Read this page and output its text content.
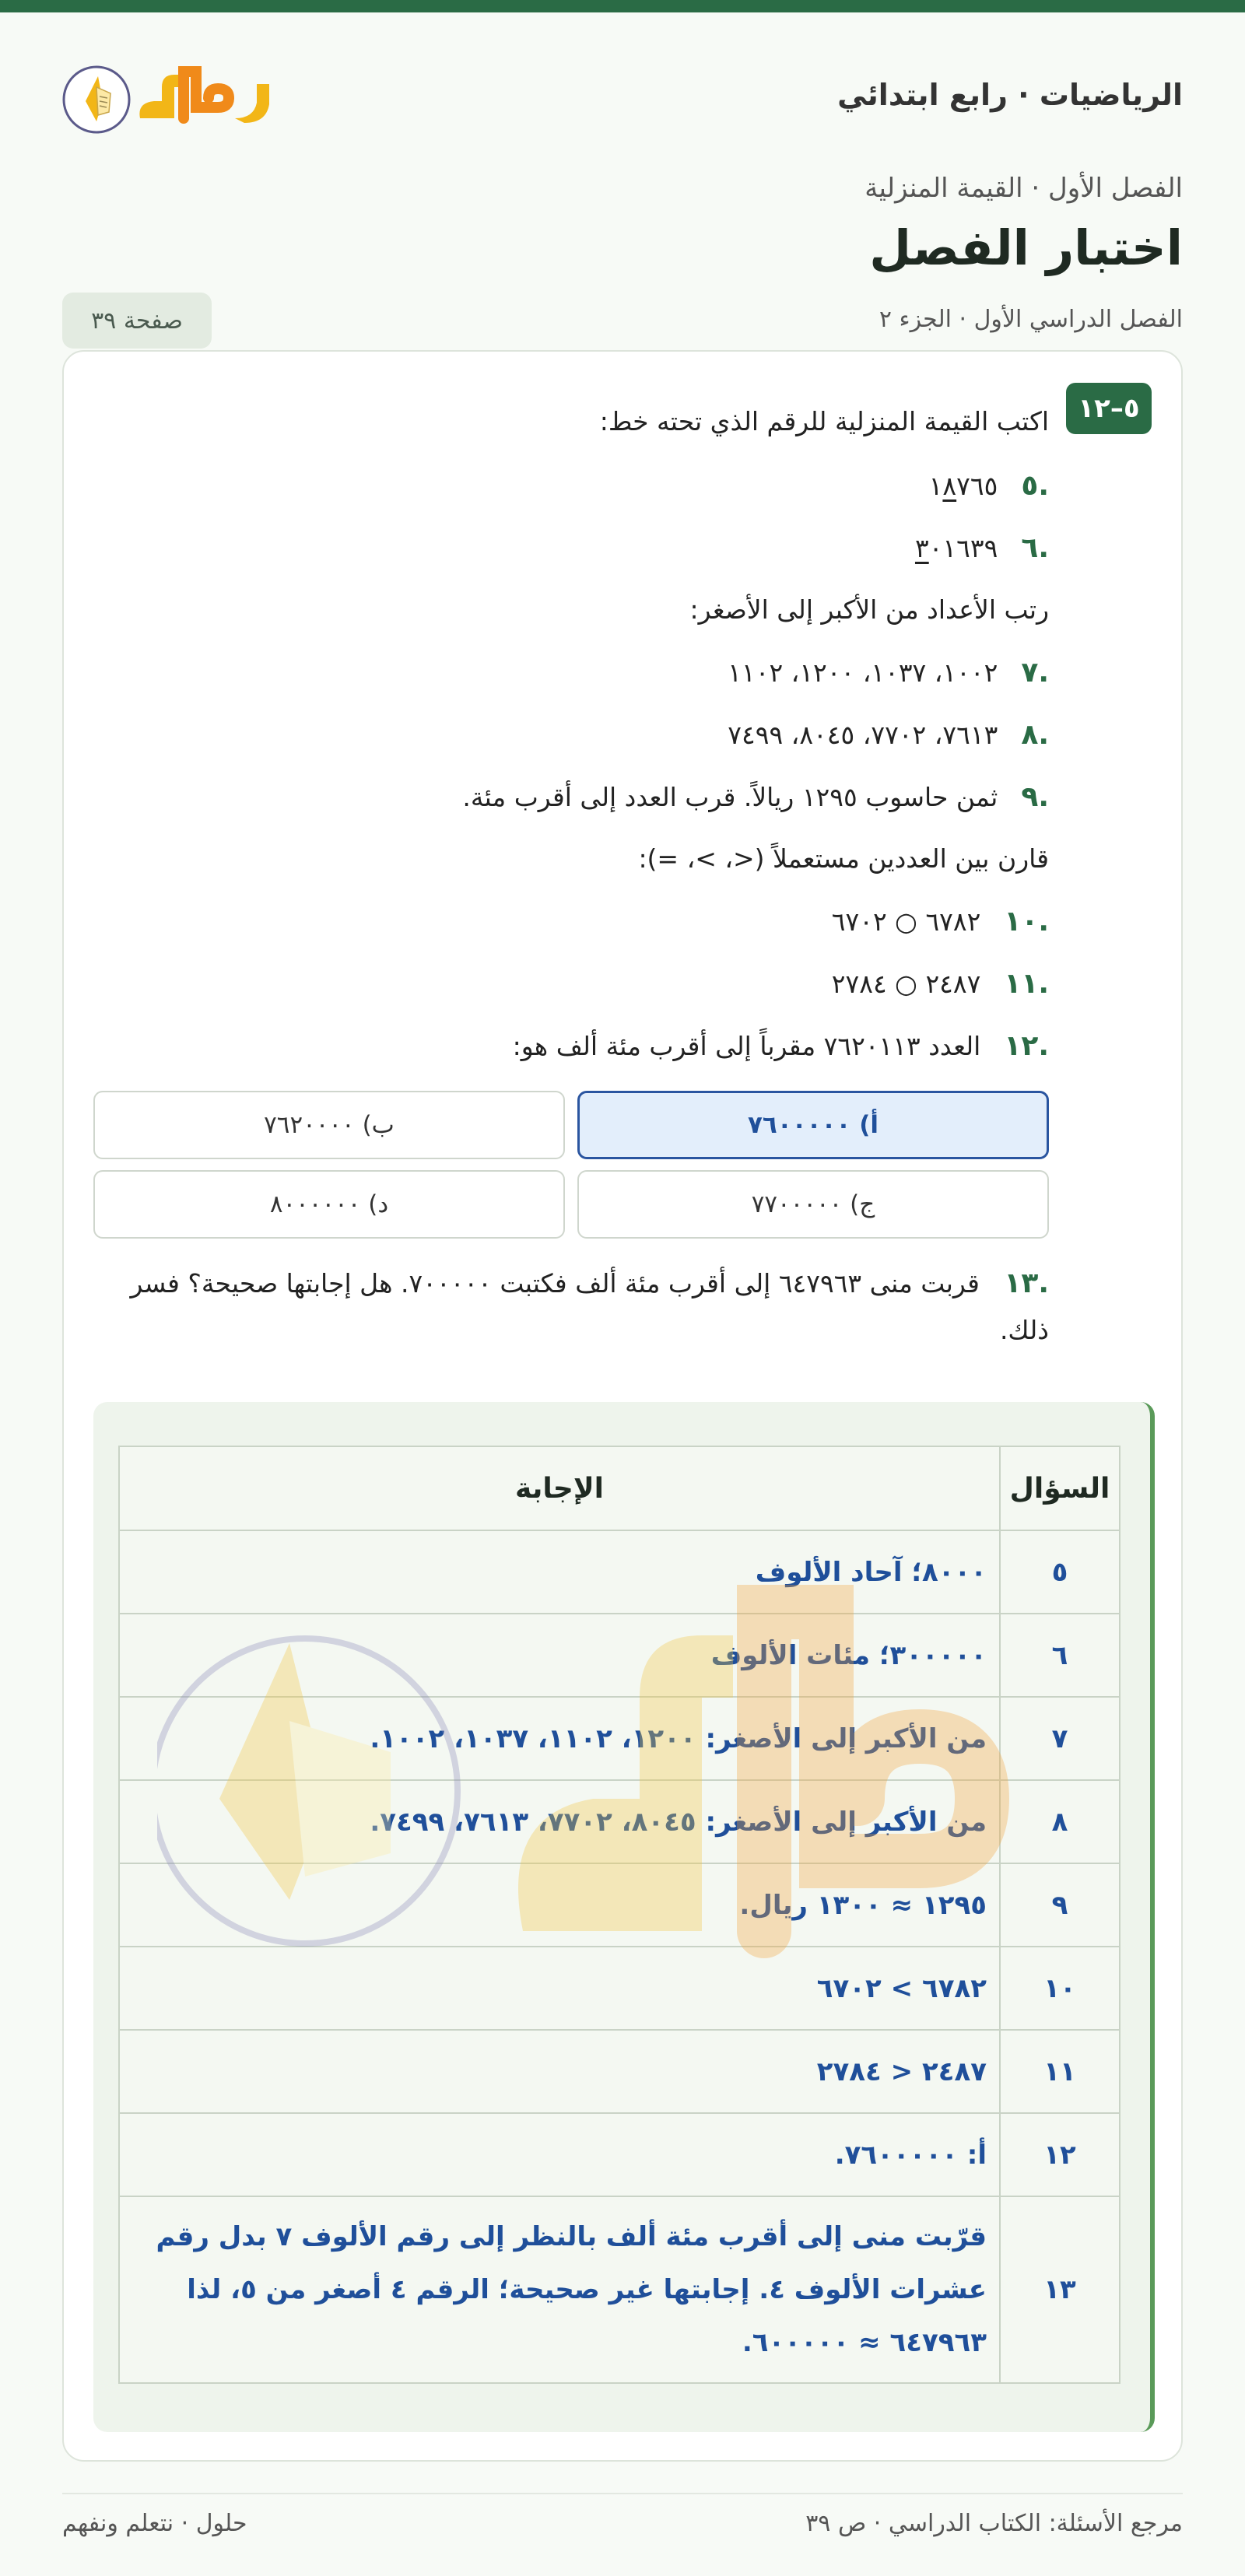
الرياضيات · رابع ابتدائي
الفصل الأول · القيمة المنزلية
اختبار الفصل
الفصل الدراسي الأول · الجزء ٢
صفحة ٣٩
٥–١٢
اكتب القيمة المنزلية للرقم الذي تحته خط:
.٥
١٨٧٦٥
.٦
٣٠١٦٣٩
رتب الأعداد من الأكبر إلى الأصغر:
.٧
١٠٠٢، ١٠٣٧، ١٢٠٠، ١١٠٢
.٨
٧٦١٣، ٧٧٠٢، ٨٠٤٥، ٧٤٩٩
.٩
ثمن حاسوب ١٢٩٥ ريالاً. قرب العدد إلى أقرب مئة.
قارن بين العددين مستعملاً (<، >، =):
.١٠
٦٧٨٢ ○ ٦٧٠٢
.١١
٢٤٨٧ ○ ٢٧٨٤
.١٢
العدد ٧٦٢٠١١٣ مقرباً إلى أقرب مئة ألف هو:
أ) ٧٦٠٠٠٠٠
ب) ٧٦٢٠٠٠٠
ج) ٧٧٠٠٠٠٠
د) ٨٠٠٠٠٠٠
.١٣   قربت منى ٦٤٧٩٦٣ إلى أقرب مئة ألف فكتبت ٧٠٠٠٠٠. هل إجابتها صحيحة؟ فسر ذلك.
السؤال	الإجابة
٥	٨٠٠٠؛ آحاد الألوف
٦	٣٠٠٠٠٠؛ مئات الألوف
٧	من الأكبر إلى الأصغر: ١٢٠٠، ١١٠٢، ١٠٣٧، ١٠٠٢.
٨	من الأكبر إلى الأصغر: ٨٠٤٥، ٧٧٠٢، ٧٦١٣، ٧٤٩٩.
٩	١٢٩٥ ≈ ١٣٠٠ ريال.
١٠	٦٧٨٢ > ٦٧٠٢
١١	٢٤٨٧ < ٢٧٨٤
١٢	أ: ٧٦٠٠٠٠٠.
١٣	قرّبت منى إلى أقرب مئة ألف بالنظر إلى رقم الألوف ٧ بدل رقم عشرات الألوف ٤. إجابتها غير صحيحة؛ الرقم ٤ أصغر من ٥، لذا ٦٤٧٩٦٣ ≈ ٦٠٠٠٠٠.
مرجع الأسئلة: الكتاب الدراسي · ص ٣٩
حلول · نتعلم ونفهم
